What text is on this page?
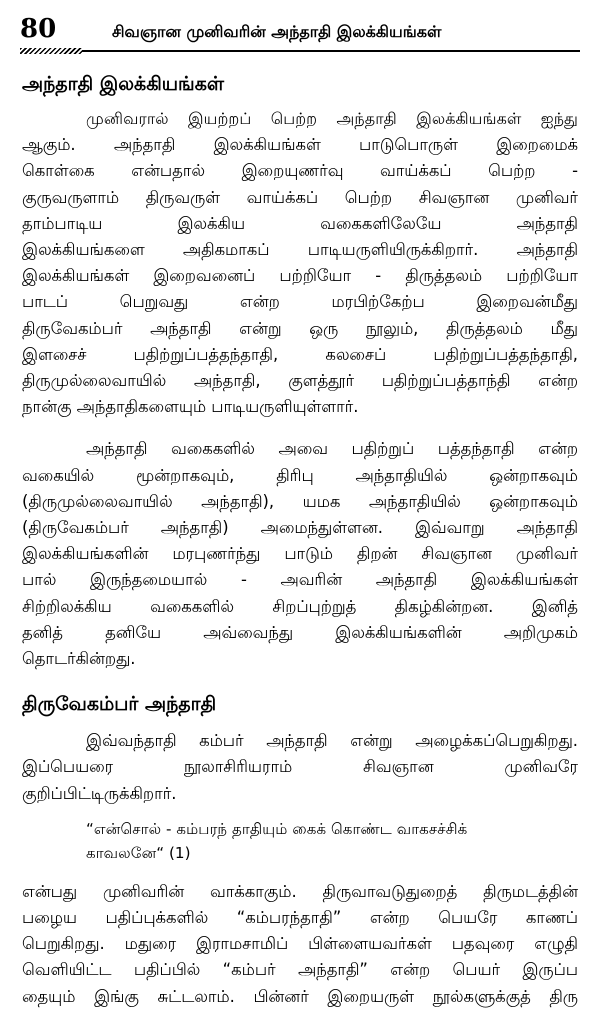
80	சிவஞான முனிவரின் அந்தாதி இலக்கியங்கள்
அந்தாதி இலக்கியங்கள்

முனிவரால் இயற்றப் பெற்ற அந்தாதி இலக்கியங்கள் ஐந்து
ஆகும். அந்தாதி இலக்கியங்கள் பாடுபொருள் இறைமைக்
கொள்கை என்பதால் இறையுணர்வு வாய்க்கப் பெற்ற -
குருவருளாம் திருவருள் வாய்க்கப் பெற்ற சிவஞான முனிவர்
தாம்பாடிய இலக்கிய வகைகளிலேயே அந்தாதி
இலக்கியங்களை அதிகமாகப் பாடியருளியிருக்கிறார். அந்தாதி
இலக்கியங்கள் இறைவனைப் பற்றியோ - திருத்தலம் பற்றியோ
பாடப் பெறுவது என்ற மரபிற்கேற்ப இறைவன்மீது
திருவேகம்பர் அந்தாதி என்று ஒரு நூலும், திருத்தலம் மீது
இளசைச் பதிற்றுப்பத்தந்தாதி, கலசைப் பதிற்றுப்பத்தந்தாதி,
திருமுல்லைவாயில் அந்தாதி, குளத்தூர் பதிற்றுப்பத்தாந்தி என்ற
நான்கு அந்தாதிகளையும் பாடியருளியுள்ளார்.

அந்தாதி வகைகளில் அவை பதிற்றுப் பத்தந்தாதி என்ற
வகையில் மூன்றாகவும், திரிபு அந்தாதியில் ஒன்றாகவும்
(திருமுல்லைவாயில் அந்தாதி), யமக அந்தாதியில் ஒன்றாகவும்
(திருவேகம்பர் அந்தாதி) அமைந்துள்ளன. இவ்வாறு அந்தாதி
இலக்கியங்களின் மரபுணர்ந்து பாடும் திறன் சிவஞான முனிவர்
பால் இருந்தமையால் - அவரின் அந்தாதி இலக்கியங்கள்
சிற்றிலக்கிய வகைகளில் சிறப்புற்றுத் திகழ்கின்றன. இனித்
தனித் தனியே அவ்வைந்து இலக்கியங்களின் அறிமுகம்
தொடர்கின்றது.

திருவேகம்பர் அந்தாதி

இவ்வந்தாதி கம்பர் அந்தாதி என்று அழைக்கப்பெறுகிறது.
இப்பெயரை நூலாசிரியராம் சிவஞான முனிவரே
குறிப்பிட்டிருக்கிறார்.

“என்சொல் - கம்பரந் தாதியும் கைக் கொண்ட வாகசச்சிக்
காவலனே“ (1)

என்பது முனிவரின் வாக்காகும். திருவாவடுதுறைத் திருமடத்தின்
பழைய பதிப்புக்களில் “கம்பரந்தாதி” என்ற பெயரே காணப்
பெறுகிறது. மதுரை இராமசாமிப் பிள்ளையவர்கள் பதவுரை எழுதி
வெளியிட்ட பதிப்பில் “கம்பர் அந்தாதி” என்ற பெயர் இருப்ப
தையும் இங்கு சுட்டலாம். பின்னர் இறையருள் நூல்களுக்குத் திரு
